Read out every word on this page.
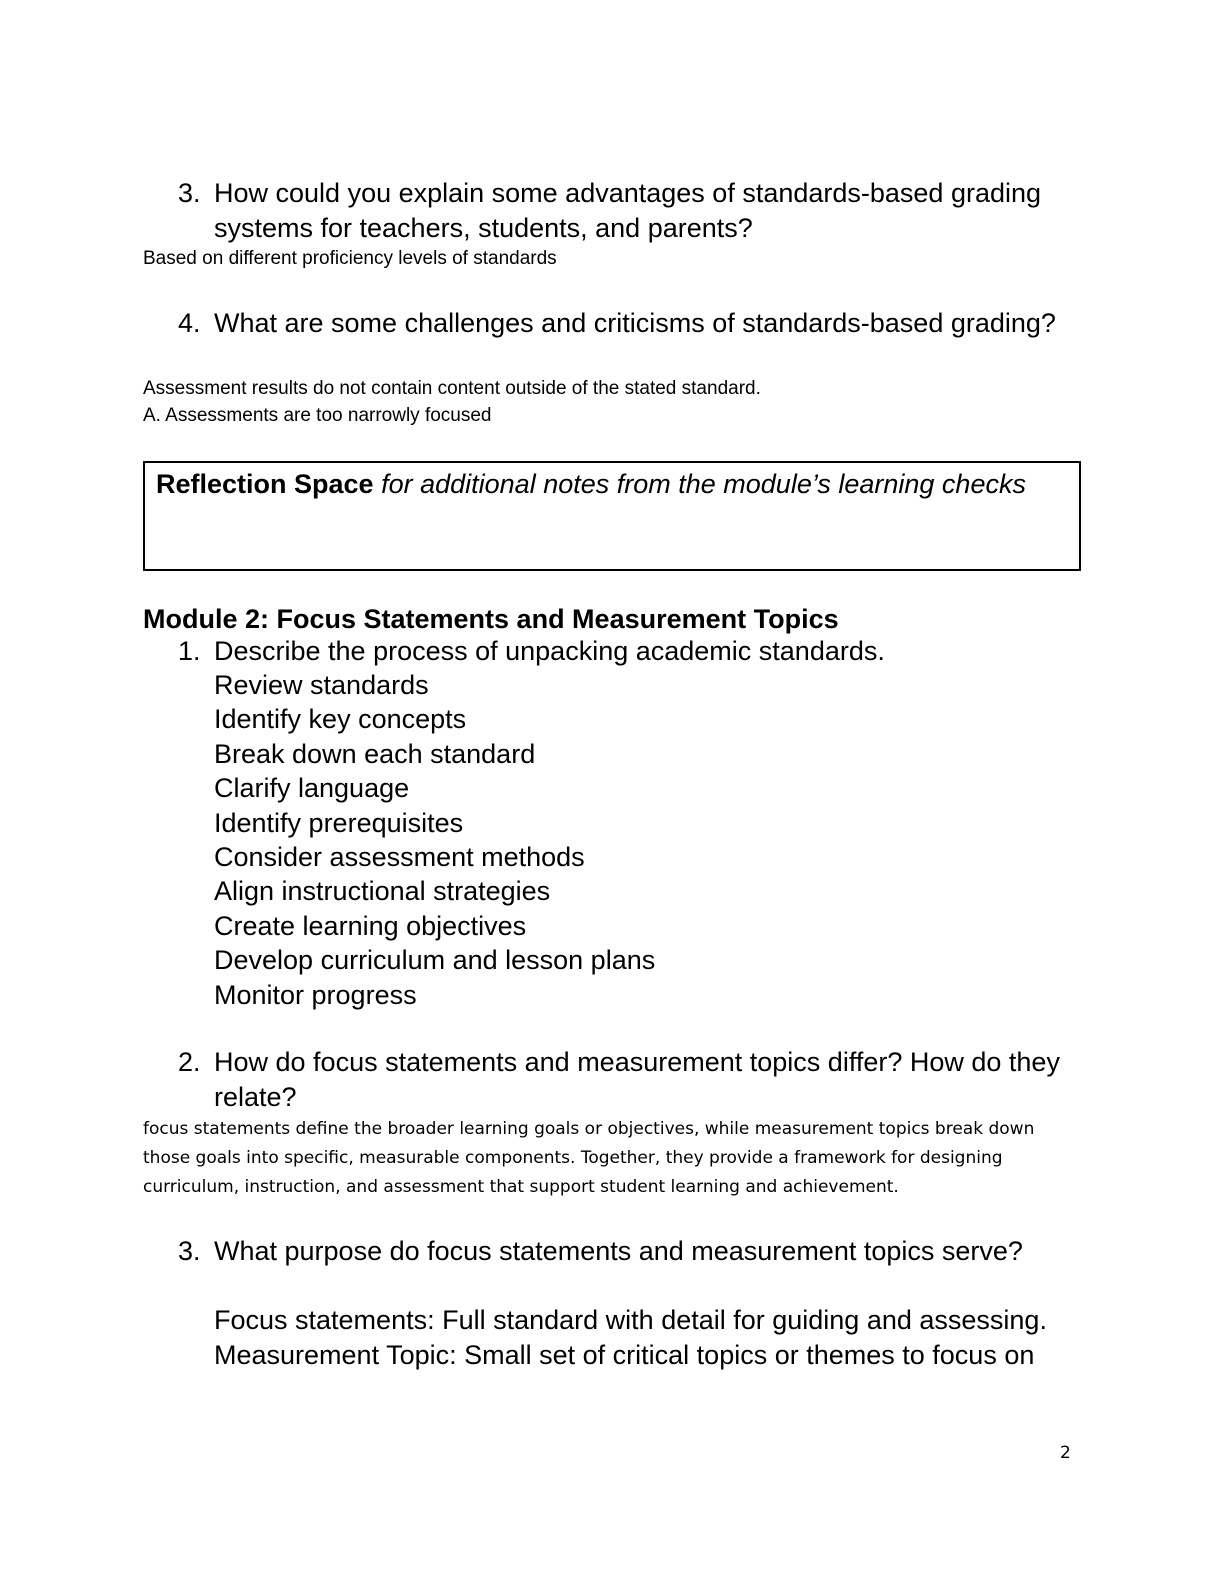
3. How could you explain some advantages of standards-based grading systems for teachers, students, and parents?
Based on different proficiency levels of standards
4. What are some challenges and criticisms of standards-based grading?
Assessment results do not contain content outside of the stated standard.
A. Assessments are too narrowly focused
Reflection Space for additional notes from the module’s learning checks
Module 2: Focus Statements and Measurement Topics
1. Describe the process of unpacking academic standards.
Review standards
Identify key concepts
Break down each standard
Clarify language
Identify prerequisites
Consider assessment methods
Align instructional strategies
Create learning objectives
Develop curriculum and lesson plans
Monitor progress
2. How do focus statements and measurement topics differ? How do they relate?
focus statements define the broader learning goals or objectives, while measurement topics break down those goals into specific, measurable components. Together, they provide a framework for designing curriculum, instruction, and assessment that support student learning and achievement.
3. What purpose do focus statements and measurement topics serve?
Focus statements: Full standard with detail for guiding and assessing.
Measurement Topic: Small set of critical topics or themes to focus on
2
